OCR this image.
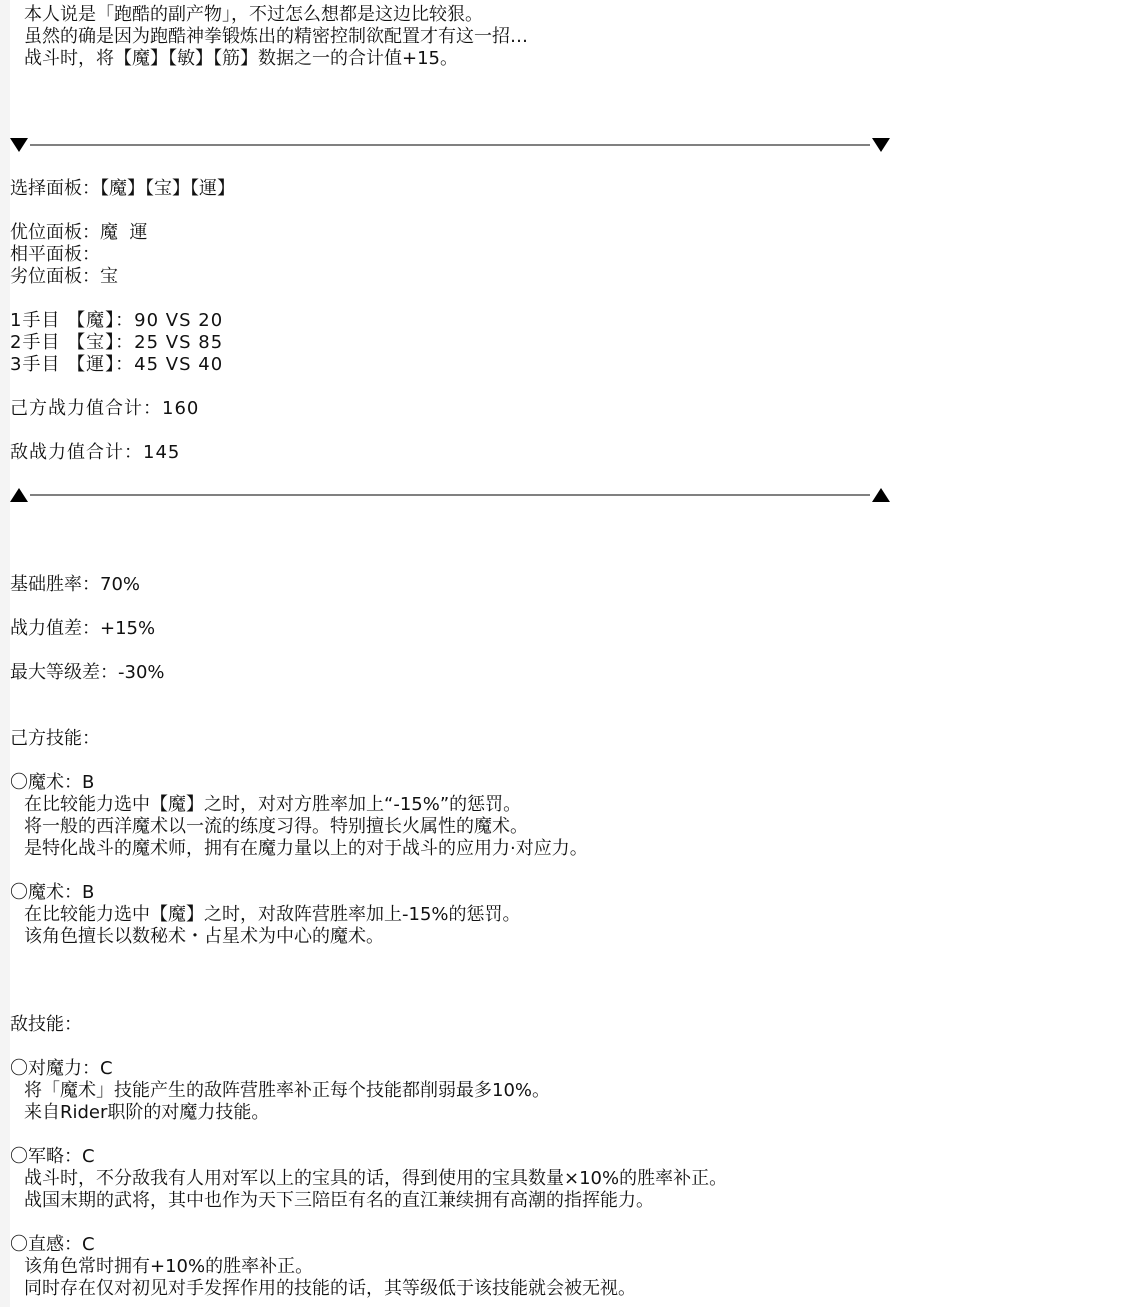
本人说是「跑酷的副产物」，不过怎么想都是这边比较狠。
虽然的确是因为跑酷神拳锻炼出的精密控制欲配置才有这一招…
战斗时，将【魔】【敏】【筋】数据之一的合计值+15。
选择面板：【魔】【宝】【運】
优位面板：魔  運
相平面板：
劣位面板：宝
1手目 【魔】：90 VS 20
2手目 【宝】：25 VS 85
3手目 【運】：45 VS 40
己方战力值合计：160
敌战力值合计：145
基础胜率：70%
战力值差：+15%
最大等级差：-30%
己方技能：
〇魔术：B
在比较能力选中【魔】之时，对对方胜率加上“-15%”的惩罚。
将一般的西洋魔术以一流的练度习得。特别擅长火属性的魔术。
是特化战斗的魔术师，拥有在魔力量以上的对于战斗的应用力·对应力。
〇魔术：B
在比较能力选中【魔】之时，对敌阵营胜率加上-15%的惩罚。
该角色擅长以数秘术・占星术为中心的魔术。
敌技能：
〇对魔力：C
将「魔术」技能产生的敌阵营胜率补正每个技能都削弱最多10%。
来自Rider职阶的对魔力技能。
〇军略：C
战斗时，不分敌我有人用对军以上的宝具的话，得到使用的宝具数量×10%的胜率补正。
战国末期的武将，其中也作为天下三陪臣有名的直江兼续拥有高潮的指挥能力。
〇直感：C
该角色常时拥有+10%的胜率补正。
同时存在仅对初见对手发挥作用的技能的话，其等级低于该技能就会被无视。
